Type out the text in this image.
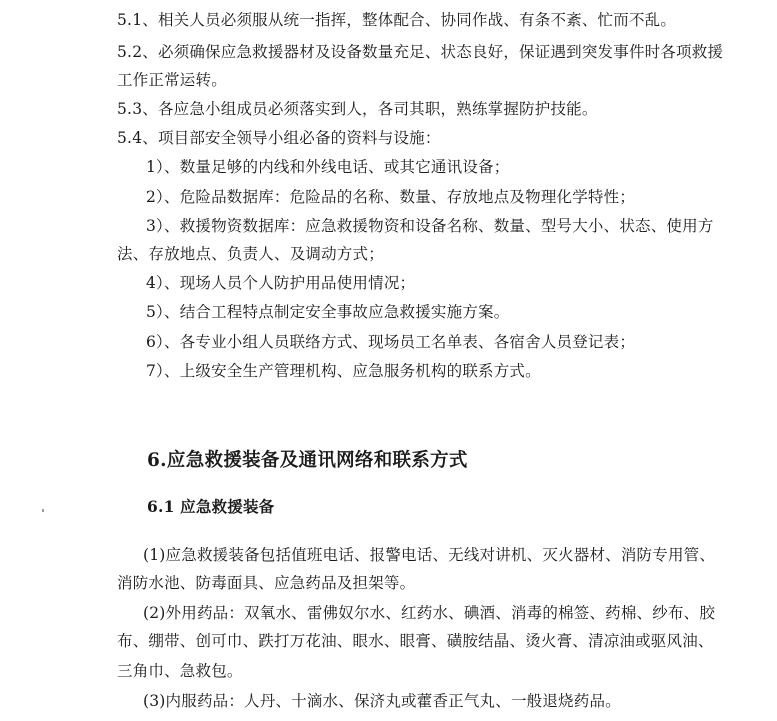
5.1、相关人员必须服从统一指挥，整体配合、协同作战、有条不紊、忙而不乱。
5.2、必须确保应急救援器材及设备数量充足、状态良好，保证遇到突发事件时各项救援
工作正常运转。
5.3、各应急小组成员必须落实到人，各司其职，熟练掌握防护技能。
5.4、项目部安全领导小组必备的资料与设施：
1）、数量足够的内线和外线电话、或其它通讯设备；
2）、危险品数据库：危险品的名称、数量、存放地点及物理化学特性；
3）、救援物资数据库：应急救援物资和设备名称、数量、型号大小、状态、使用方
法、存放地点、负责人、及调动方式；
4）、现场人员个人防护用品使用情况；
5）、结合工程特点制定安全事故应急救援实施方案。
6）、各专业小组人员联络方式、现场员工名单表、各宿舍人员登记表；
7）、上级安全生产管理机构、应急服务机构的联系方式。
6.应急救援装备及通讯网络和联系方式
6.1 应急救援装备
(1)应急救援装备包括值班电话、报警电话、无线对讲机、灭火器材、消防专用管、
消防水池、防毒面具、应急药品及担架等。
(2)外用药品：双氧水、雷佛奴尔水、红药水、碘酒、消毒的棉签、药棉、纱布、胶
布、绷带、创可巾、跌打万花油、眼水、眼膏、磺胺结晶、烫火膏、清凉油或驱风油、
三角巾、急救包。
(3)内服药品：人丹、十滴水、保济丸或藿香正气丸、一般退烧药品。
